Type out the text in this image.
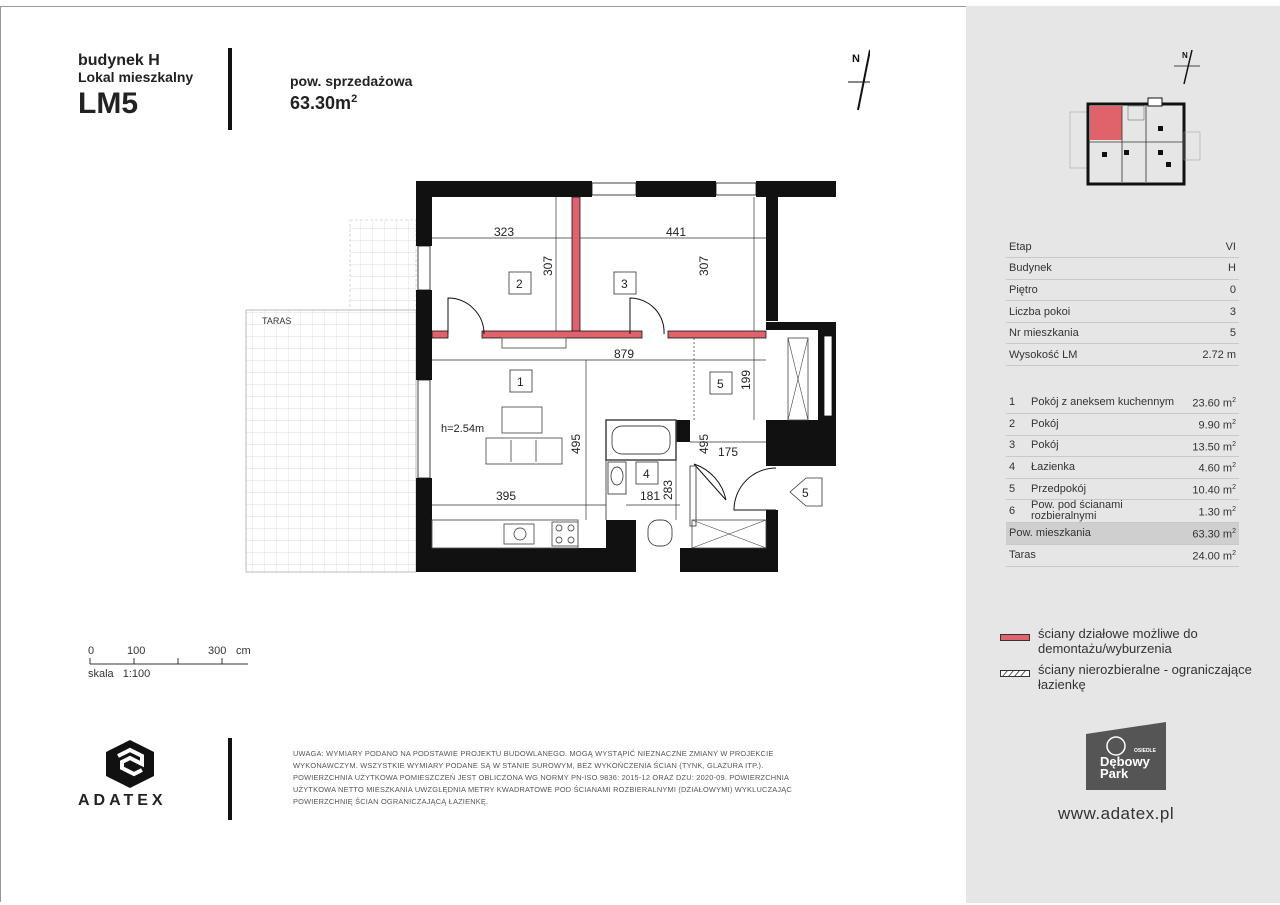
budynek H
Lokal mieszkalny
LM5
pow. sprzedażowa
$63.30m^2$
TARAS
N
323	441
307	307
879
199
495	495 175
395	181 283
h=2.54m
2	3
1
4
5
5
0	100	300 cm
skala 1:100
ADATEX
UWAGA: WYMIARY PODANO NA PODSTAWIE PROJEKTU BUDOWLANEGO. MOGĄ WYSTĄPIĆ NIEZNACZNE ZMIANY W PROJEKCIE WYKONAWCZYM. WSZYSTKIE WYMIARY PODANE SĄ W STANIE SUROWYM, BEZ WYKOŃCZENIA ŚCIAN (TYNK, GLAZURA ITP.). POWIERZCHNIA UŻYTKOWA POMIESZCZEŃ JEST OBLICZONA WG NORMY PN-ISO 9836: 2015-12 ORAZ DZU: 2020-09. POWIERZCHNIA UŻYTKOWA NETTO MIESZKANIA UWZGLĘDNIA METRY KWADRATOWE POD ŚCIANAMI ROZBIERALNYMI (DZIAŁOWYMI) WYKLUCZAJĄC POWIERZCHNIĘ ŚCIAN OGRANICZAJĄCĄ ŁAZIENKĘ.
N
Etap	VI
Budynek	H
Piętro	0
Liczba pokoi	3
Nr mieszkania	5
Wysokość LM	2.72 m
1	Pokój z aneksem kuchennym	23.60 $m^2$
2	Pokój	9.90 $m^2$
3	Pokój	13.50 $m^2$
4	Łazienka	4.60 $m^2$
5	Przedpokój	10.40 $m^2$
6	Pow. pod ścianami rozbieralnymi	1.30 $m^2$
Pow. mieszkania		63.30 $m^2$
Taras		24.00 $m^2$
ściany działowe możliwe do demontażu/wyburzenia
ściany nierozbieralne - ograniczające łazienkę
OSIEDLE
Dębowy
Park
www.adatex.pl
